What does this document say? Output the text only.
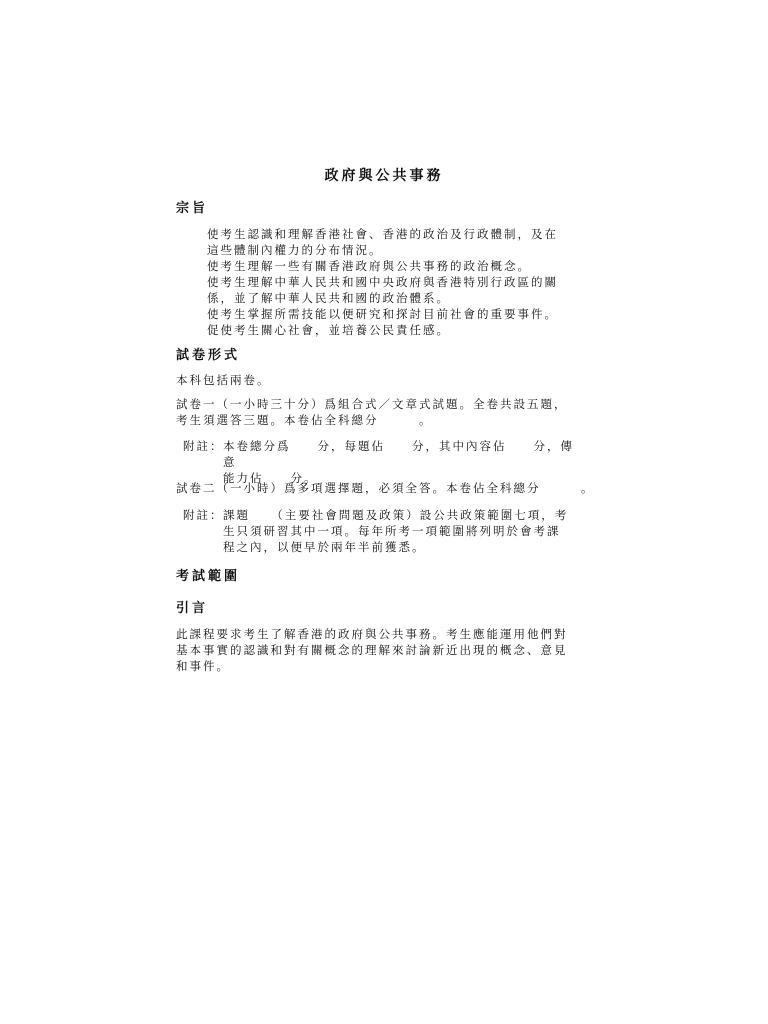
政府與公共事務
宗旨
使考生認識和理解香港社會、香港的政治及行政體制，及在
這些體制內權力的分布情況。
使考生理解一些有關香港政府與公共事務的政治概念。
使考生理解中華人民共和國中央政府與香港特別行政區的關
係，並了解中華人民共和國的政治體系。
使考生掌握所需技能以便研究和探討目前社會的重要事件。
促使考生關心社會，並培養公民責任感。
試卷形式
本科包括兩卷。
試卷一（一小時三十分）爲組合式／文章式試題。全卷共設五題，
考生須選答三題。本卷佔全科總分　　　。
附註： 本卷總分爲　　分，每題佔　　分，其中內容佔　　分，傳意
能力佔　　分。
試卷二（一小時）爲多項選擇題，必須全答。本卷佔全科總分　　　。
附註： 課題　　（主要社會問題及政策）設公共政策範圍七項，考
生只須研習其中一項。每年所考一項範圍將列明於會考課
程之內，以便早於兩年半前獲悉。
考試範圍
引言
此課程要求考生了解香港的政府與公共事務。考生應能運用他們對
基本事實的認識和對有關概念的理解來討論新近出現的概念、意見
和事件。
